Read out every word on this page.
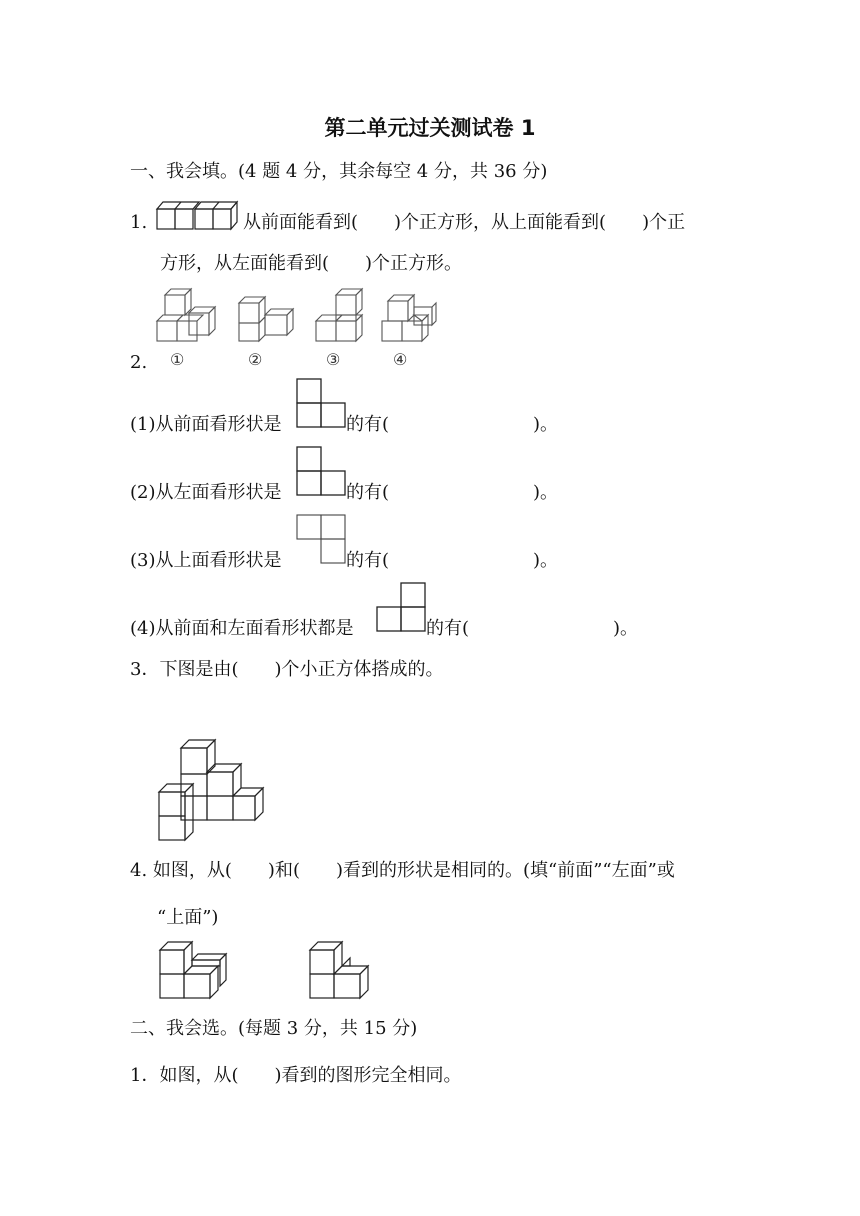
第二单元过关测试卷 1
一、我会填。(4 题 4 分，其余每空 4 分，共 36 分)
1.	从前面能看到(　　)个正方形，从上面能看到(　　)个正
方形，从左面能看到(　　)个正方形。
2. ①	②	③	④
(1)从前面看形状是	的有(　　　　　　　　)。
(2)从左面看形状是	的有(　　　　　　　　)。
(3)从上面看形状是	的有(　　　　　　　　)。
(4)从前面和左面看形状都是	的有(　　　　　　　　)。
3．下图是由(　　)个小正方体搭成的。
4. 如图，从(　　)和(　　)看到的形状是相同的。(填“前面”“左面”或
“上面”)
二、我会选。(每题 3 分，共 15 分)
1．如图，从(　　)看到的图形完全相同。
